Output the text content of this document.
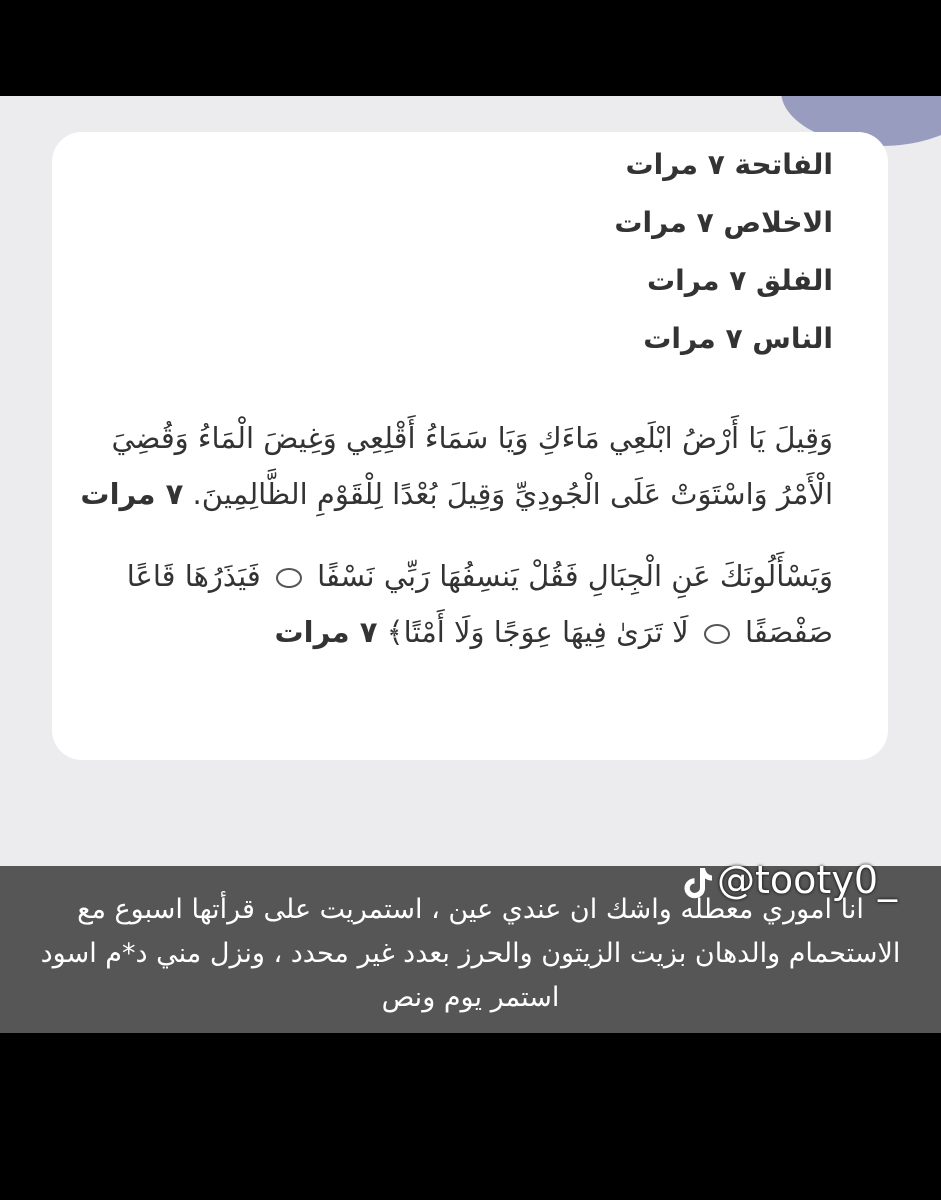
الفاتحة ٧ مرات
الاخلاص ٧ مرات
الفلق ٧ مرات
الناس ٧ مرات
وَقِيلَ يَا أَرْضُ ابْلَعِي مَاءَكِ وَيَا سَمَاءُ أَقْلِعِي وَغِيضَ الْمَاءُ وَقُضِيَ الْأَمْرُ وَاسْتَوَتْ عَلَى الْجُودِيِّ وَقِيلَ بُعْدًا لِلْقَوْمِ الظَّالِمِينَ. ٧ مرات
وَيَسْأَلُونَكَ عَنِ الْجِبَالِ فَقُلْ يَنسِفُهَا رَبِّي نَسْفًا  فَيَذَرُهَا قَاعًا صَفْصَفًا  لَا تَرَىٰ فِيهَا عِوَجًا وَلَا أَمْتًا﴾ ٧ مرات
@tooty0_
انا اموري معطله واشك ان عندي عين ، استمريت على قرأتها اسبوع مع الاستحمام والدهان بزيت الزيتون والحرز بعدد غير محدد ، ونزل مني د*م اسود استمر يوم ونص
